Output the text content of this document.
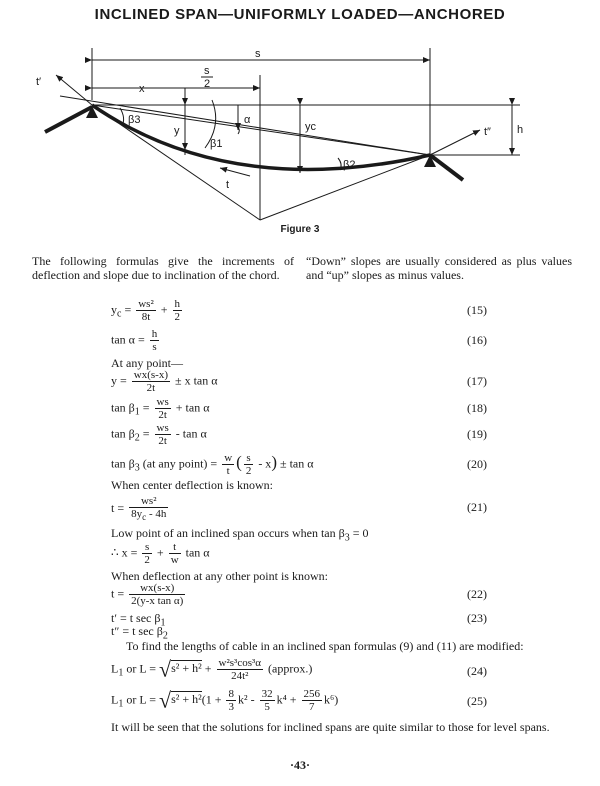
INCLINED SPAN—UNIFORMLY LOADED—ANCHORED
s
s
2
x
α
y	yc
β1
β2
β3
t
t′
t″ h
Figure 3
The following formulas give the increments of deflection and slope due to inclination of the chord.
“Down” slopes are usually considered as plus values and “up” slopes as minus values.
$y_c = \frac{\text{ws²}}{8t} + \frac{h}{2}$	(15)
$\tan \alpha = \frac{h}{s}$	(16)
At any point—
$y = \frac{wx(s-x)}{2t} \pm x$ tan α	(17)
$\tan \beta_1 = \frac{ws}{2t} + \tan \alpha$	(18)
$\tan \beta_2 = \frac{ws}{2t} - \tan \alpha$	(19)
$\tan \beta_3$ (at any point) = $\frac{w}{t}$ ( $\frac{s}{2} - x) \pm \tan \alpha$	(20)
When center deflection is known:
$t = \frac{\text{ws²}}{8y_c - 4h}$	(21)
Low point of an inclined span occurs when $\tan \beta_3 = 0$
∴ $x = \frac{s}{2} + \frac{t}{w}$ tan α
When deflection at any other point is known:
$t = \frac{wx(s-x)}{\text{2(y-x tan α)}}$	(22)
t′ = t $\sec \beta_1$	(23)
t″ = t $\sec \beta_2$
To find the lengths of cable in an inclined span formulas (9) and (11) are modified:
$L_1$ or $L = √s^2 + h^2 + \frac{\text{w²s³cos³α}}{\text{24t²}}$ (approx.)	(24)
$L_1$ or $L = √s^2 + h^2(1 + \frac{8}{3} k^2 - \frac{32}{5} k^4 + \frac{256}{7} k^6)$	(25)
It will be seen that the solutions for inclined spans are quite similar to those for level spans.
·43·
